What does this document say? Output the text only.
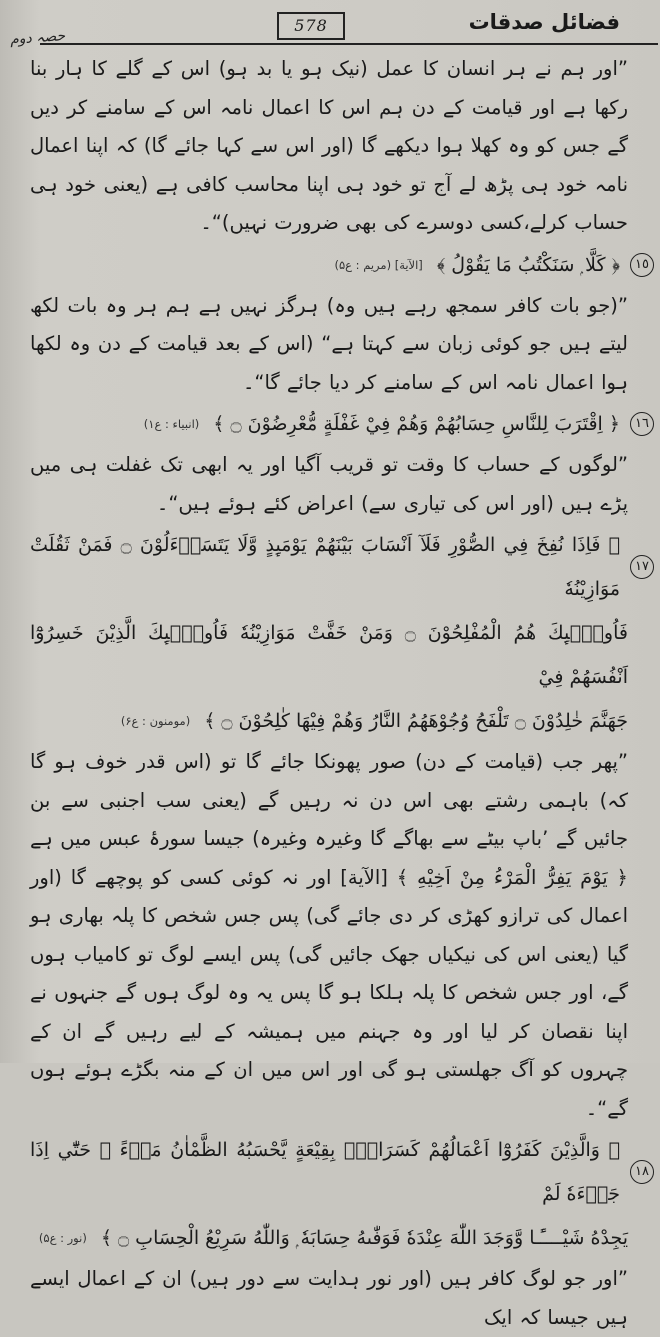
حصہ دوم
578	فضائل صدقات

”اور ہم نے ہر انسان کا عمل (نیک ہو یا بد ہو) اس کے گلے کا ہار بنا رکھا ہے اور قیامت کے دن ہم اس کا اعمال نامہ اس کے سامنے کر دیں گے جس کو وہ کھلا ہوا دیکھے گا (اور اس سے کہا جائے گا) کہ اپنا اعمال نامہ خود ہی پڑھ لے آج تو خود ہی اپنا محاسب کافی ہے (یعنی خود ہی حساب کرلے،کسی دوسرے کی بھی ضرورت نہیں)“۔

١٥
﴿ كَلَّا ۭ سَنَكْتُبُ مَا يَقُوْلُ ﴾
[الآية] (مريم : ع۵)

”(جو بات کافر سمجھ رہے ہیں وہ) ہرگز نہیں ہے ہم ہر وہ بات لکھ لیتے ہیں جو کوئی زبان سے کہتا ہے“ (اس کے بعد قیامت کے دن وہ لکھا ہوا اعمال نامہ اس کے سامنے کر دیا جائے گا“۔

١٦
﴿ اِقْتَرَبَ لِلنَّاسِ حِسَابُهُمْ وَهُمْ فِيْ غَفْلَةٍ مُّعْرِضُوْنَ ۝ ﴾
(انبياء : ع۱)

”لوگوں کے حساب کا وقت تو قریب آگیا اور یہ ابھی تک غفلت ہی میں پڑے ہیں (اور اس کی تیاری سے) اعراض کئے ہوئے ہیں“۔

١٧
﴿ فَاِذَا نُفِخَ فِي الصُّوْرِ فَلَآ اَنْسَابَ بَيْنَهُمْ يَوْمَىِٕذٍ وَّلَا يَتَسَاۗءَلُوْنَ ۝ فَمَنْ ثَقُلَتْ مَوَازِيْنُهٗ

فَاُولٰۗىِٕكَ هُمُ الْمُفْلِحُوْنَ ۝ وَمَنْ خَفَّتْ مَوَازِيْنُهٗ فَاُولٰۗىِٕكَ الَّذِيْنَ خَسِرُوْٓا اَنْفُسَهُمْ فِيْ

جَهَنَّمَ خٰلِدُوْنَ ۝ تَلْفَحُ وُجُوْهَهُمُ النَّارُ وَهُمْ فِيْهَا كٰلِحُوْنَ ۝ ﴾
(مومنون : ع۶)

”پھر جب (قیامت کے دن) صور پھونکا جائے گا تو (اس قدر خوف ہو گا کہ) باہمی رشتے بھی اس دن نہ رہیں گے (یعنی سب اجنبی سے بن جائیں گے ’باپ بیٹے سے بھاگے گا وغیرہ وغیرہ) جیسا سورۂ عبس میں ہے ﴿ يَوْمَ يَفِرُّ الْمَرْءُ مِنْ اَخِيْهِ ﴾ [الآية] اور نہ کوئی کسی کو پوچھے گا (اور اعمال کی ترازو کھڑی کر دی جائے گی) پس جس شخص کا پلہ بھاری ہو گیا (یعنی اس کی نیکیاں جھک جائیں گی) پس ایسے لوگ تو کامیاب ہوں گے، اور جس شخص کا پلہ ہلکا ہو گا پس یہ وہ لوگ ہوں گے جنہوں نے اپنا نقصان کر لیا اور وہ جہنم میں ہمیشہ کے لیے رہیں گے ان کے چہروں کو آگ جھلستی ہو گی اور اس میں ان کے منہ بگڑے ہوئے ہوں گے“۔

١٨
﴿ وَالَّذِيْنَ كَفَرُوْٓا اَعْمَالُهُمْ كَسَرَابٍۢ بِقِيْعَةٍ يَّحْسَبُهُ الظَّمْاٰنُ مَاۗءً ۭ حَتّٰٓي اِذَا جَاۗءَهٗ لَمْ
يَجِدْهُ شَيْــــًٔـا وَّوَجَدَ اللّٰهَ عِنْدَهٗ فَوَفّٰىهُ حِسَابَهٗ ۭ وَاللّٰهُ سَرِيْعُ الْحِسَابِ ۝ ﴾
(نور : ع۵)

”اور جو لوگ کافر ہیں (اور نور ہدایت سے دور ہیں) ان کے اعمال ایسے ہیں جیسا کہ ایک
